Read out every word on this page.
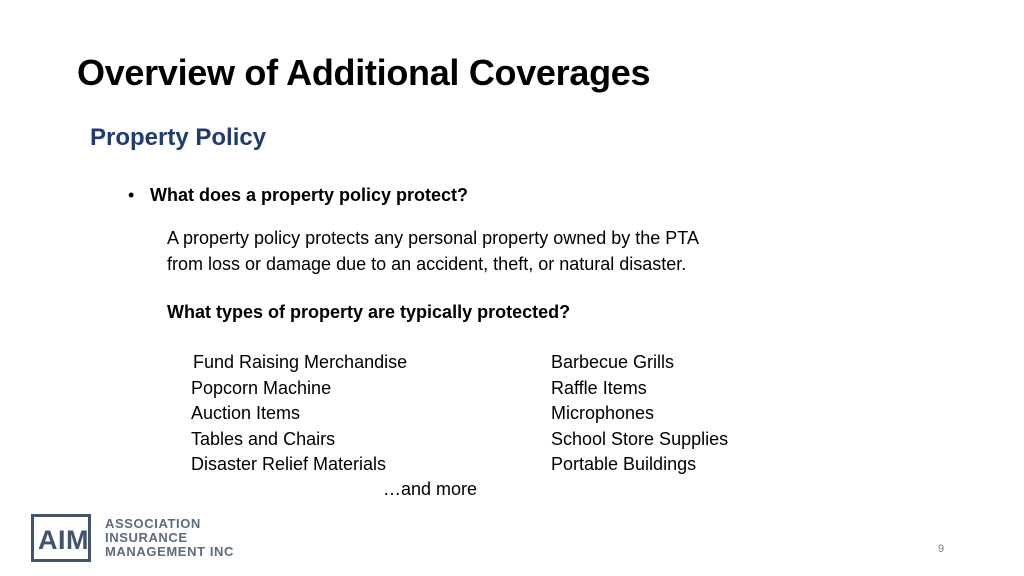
Overview of Additional Coverages
Property Policy
• What does a property policy protect?
A property policy protects any personal property owned by the PTA
from loss or damage due to an accident, theft, or natural disaster.
What types of property are typically protected?
Fund Raising Merchandise
Popcorn Machine
Auction Items
Tables and Chairs
Disaster Relief Materials
Barbecue Grills
Raffle Items
Microphones
School Store Supplies
Portable Buildings
…and more
AIM
ASSOCIATION
INSURANCE
MANAGEMENT INC	9
